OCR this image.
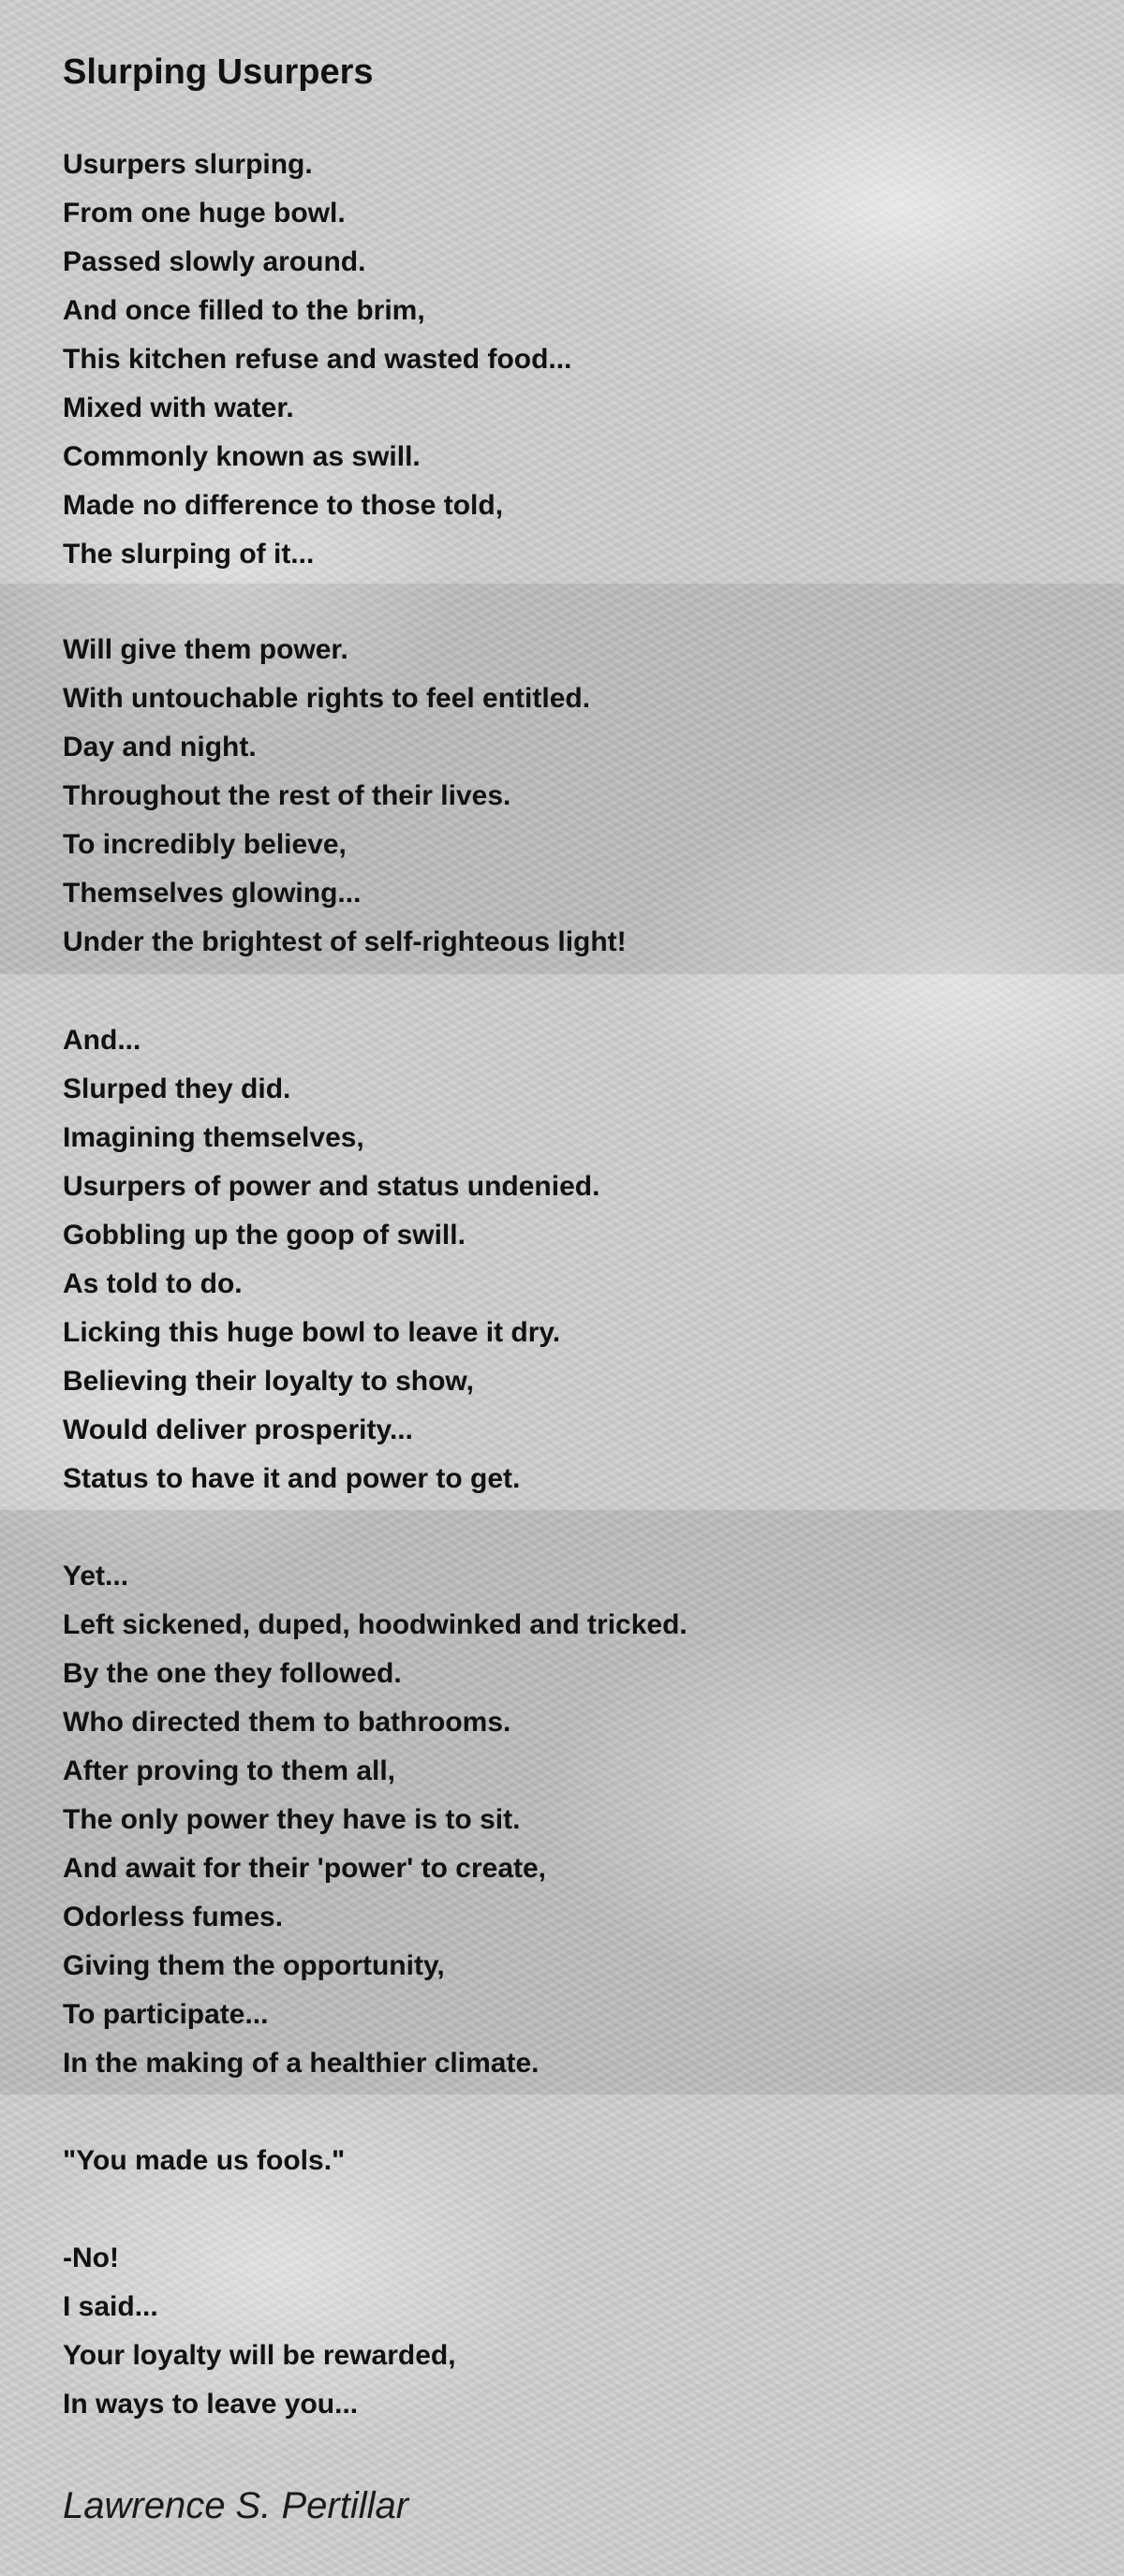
Slurping Usurpers
Usurpers slurping.
From one huge bowl.
Passed slowly around.
And once filled to the brim,
This kitchen refuse and wasted food...
Mixed with water.
Commonly known as swill.
Made no difference to those told,
The slurping of it...
Will give them power.
With untouchable rights to feel entitled.
Day and night.
Throughout the rest of their lives.
To incredibly believe,
Themselves glowing...
Under the brightest of self-righteous light!
And...
Slurped they did.
Imagining themselves,
Usurpers of power and status undenied.
Gobbling up the goop of swill.
As told to do.
Licking this huge bowl to leave it dry.
Believing their loyalty to show,
Would deliver prosperity...
Status to have it and power to get.
Yet...
Left sickened, duped, hoodwinked and tricked.
By the one they followed.
Who directed them to bathrooms.
After proving to them all,
The only power they have is to sit.
And await for their 'power' to create,
Odorless fumes.
Giving them the opportunity,
To participate...
In the making of a healthier climate.
"You made us fools."
-No!
I said...
Your loyalty will be rewarded,
In ways to leave you...

Lawrence S. Pertillar
